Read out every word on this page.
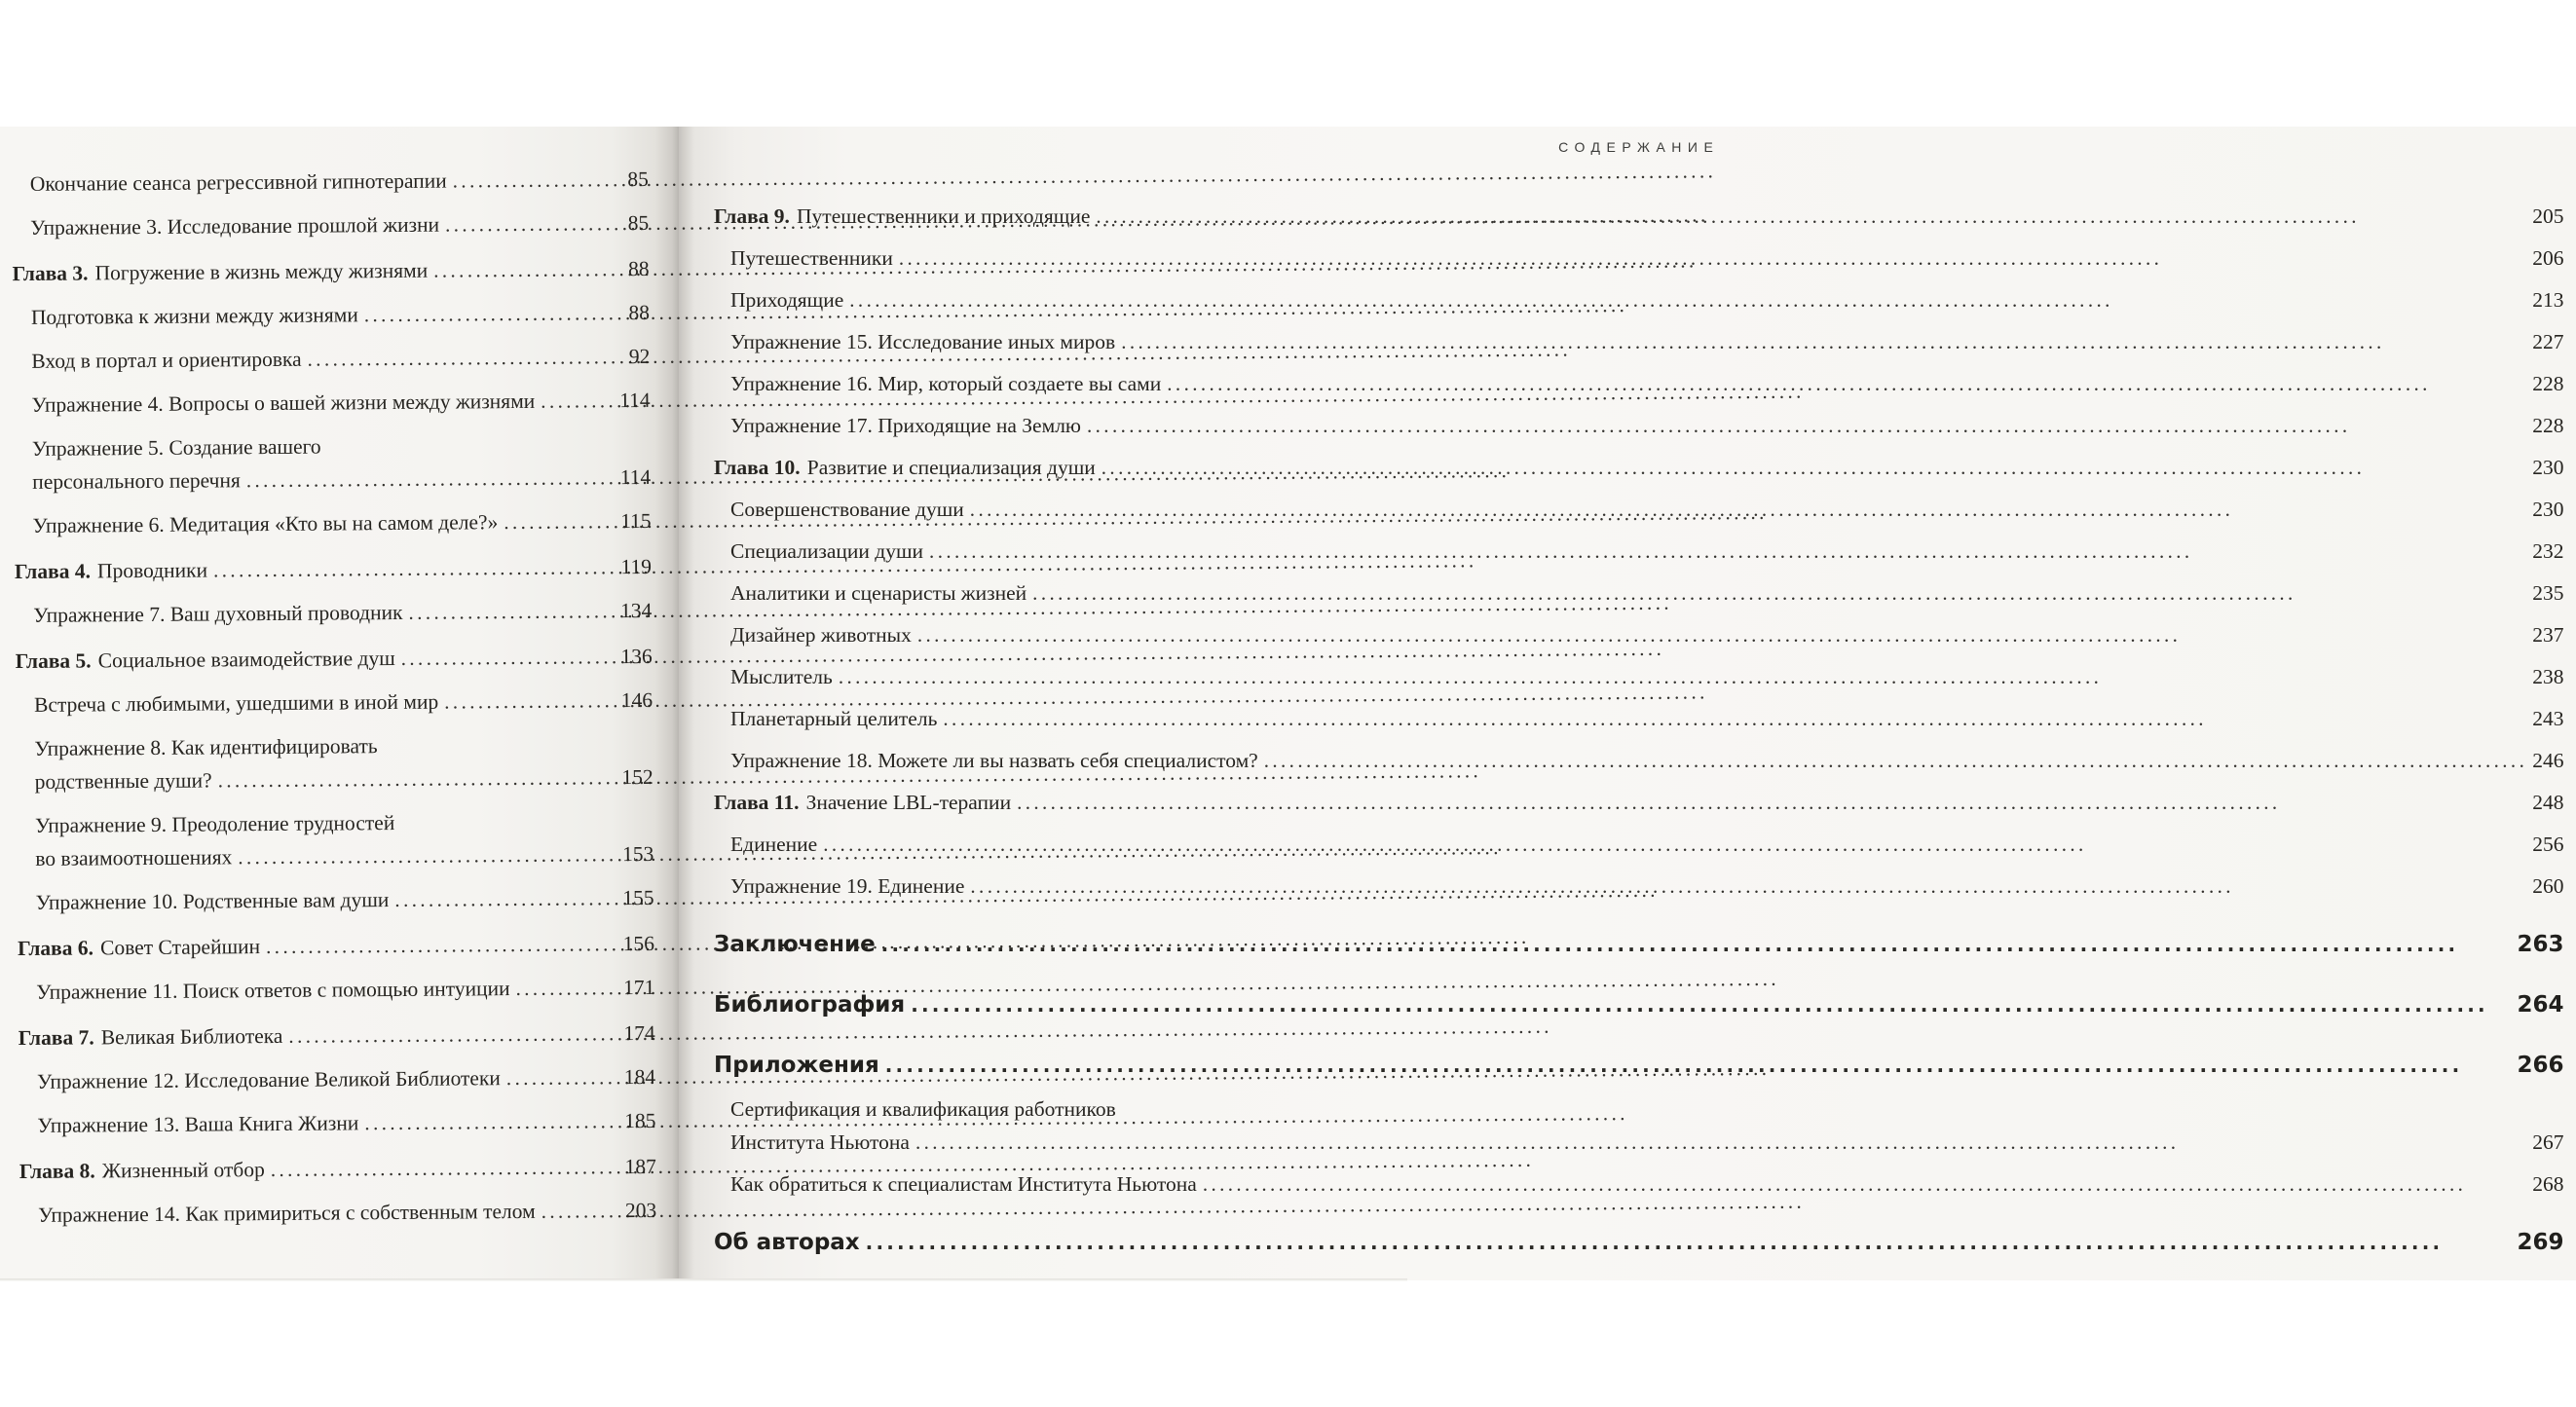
Окончание сеанса регрессивной гипнотерапии .....	85
Упражнение 3. Исследование прошлой жизни .....	85
Глава 3. Погружение в жизнь между жизнями .....	88
Подготовка к жизни между жизнями .....	88
Вход в портал и ориентировка .....	92
Упражнение 4. Вопросы о вашей жизни между жизнями .....	114
Упражнение 5. Создание вашего
персонального перечня .....	114
Упражнение 6. Медитация «Кто вы на самом деле?» .....	115
Глава 4. Проводники .....	119
Упражнение 7. Ваш духовный проводник .....	134
Глава 5. Социальное взаимодействие душ .....	136
Встреча с любимыми, ушедшими в иной мир .....	146
Упражнение 8. Как идентифицировать
родственные души? .....	152
Упражнение 9. Преодоление трудностей
во взаимоотношениях .....	153
Упражнение 10. Родственные вам души .....	155
Глава 6. Совет Старейшин .....	156
Упражнение 11. Поиск ответов с помощью интуиции .....	171
Глава 7. Великая Библиотека .....	174
Упражнение 12. Исследование Великой Библиотеки .....	184
Упражнение 13. Ваша Книга Жизни .....	185
Глава 8. Жизненный отбор .....	187
Упражнение 14. Как примириться с собственным телом .....	203
СОДЕРЖАНИЕ
Глава 9. Путешественники и приходящие .....	205
Путешественники .....	206
Приходящие .....	213
Упражнение 15. Исследование иных миров .....	227
Упражнение 16. Мир, который создаете вы сами .....	228
Упражнение 17. Приходящие на Землю .....	228
Глава 10. Развитие и специализация души .....	230
Совершенствование души .....	230
Специализации души .....	232
Аналитики и сценаристы жизней .....	235
Дизайнер животных .....	237
Мыслитель .....	238
Планетарный целитель .....	243
Упражнение 18. Можете ли вы назвать себя специалистом? .....	246
Глава 11. Значение LBL-терапии .....	248
Единение .....	256
Упражнение 19. Единение .....	260
Заключение .....	263
Библиография .....	264
Приложения .....	266
Сертификация и квалификация работников
Института Ньютона .....	267
Как обратиться к специалистам Института Ньютона .....	268
Об авторах .....	269
